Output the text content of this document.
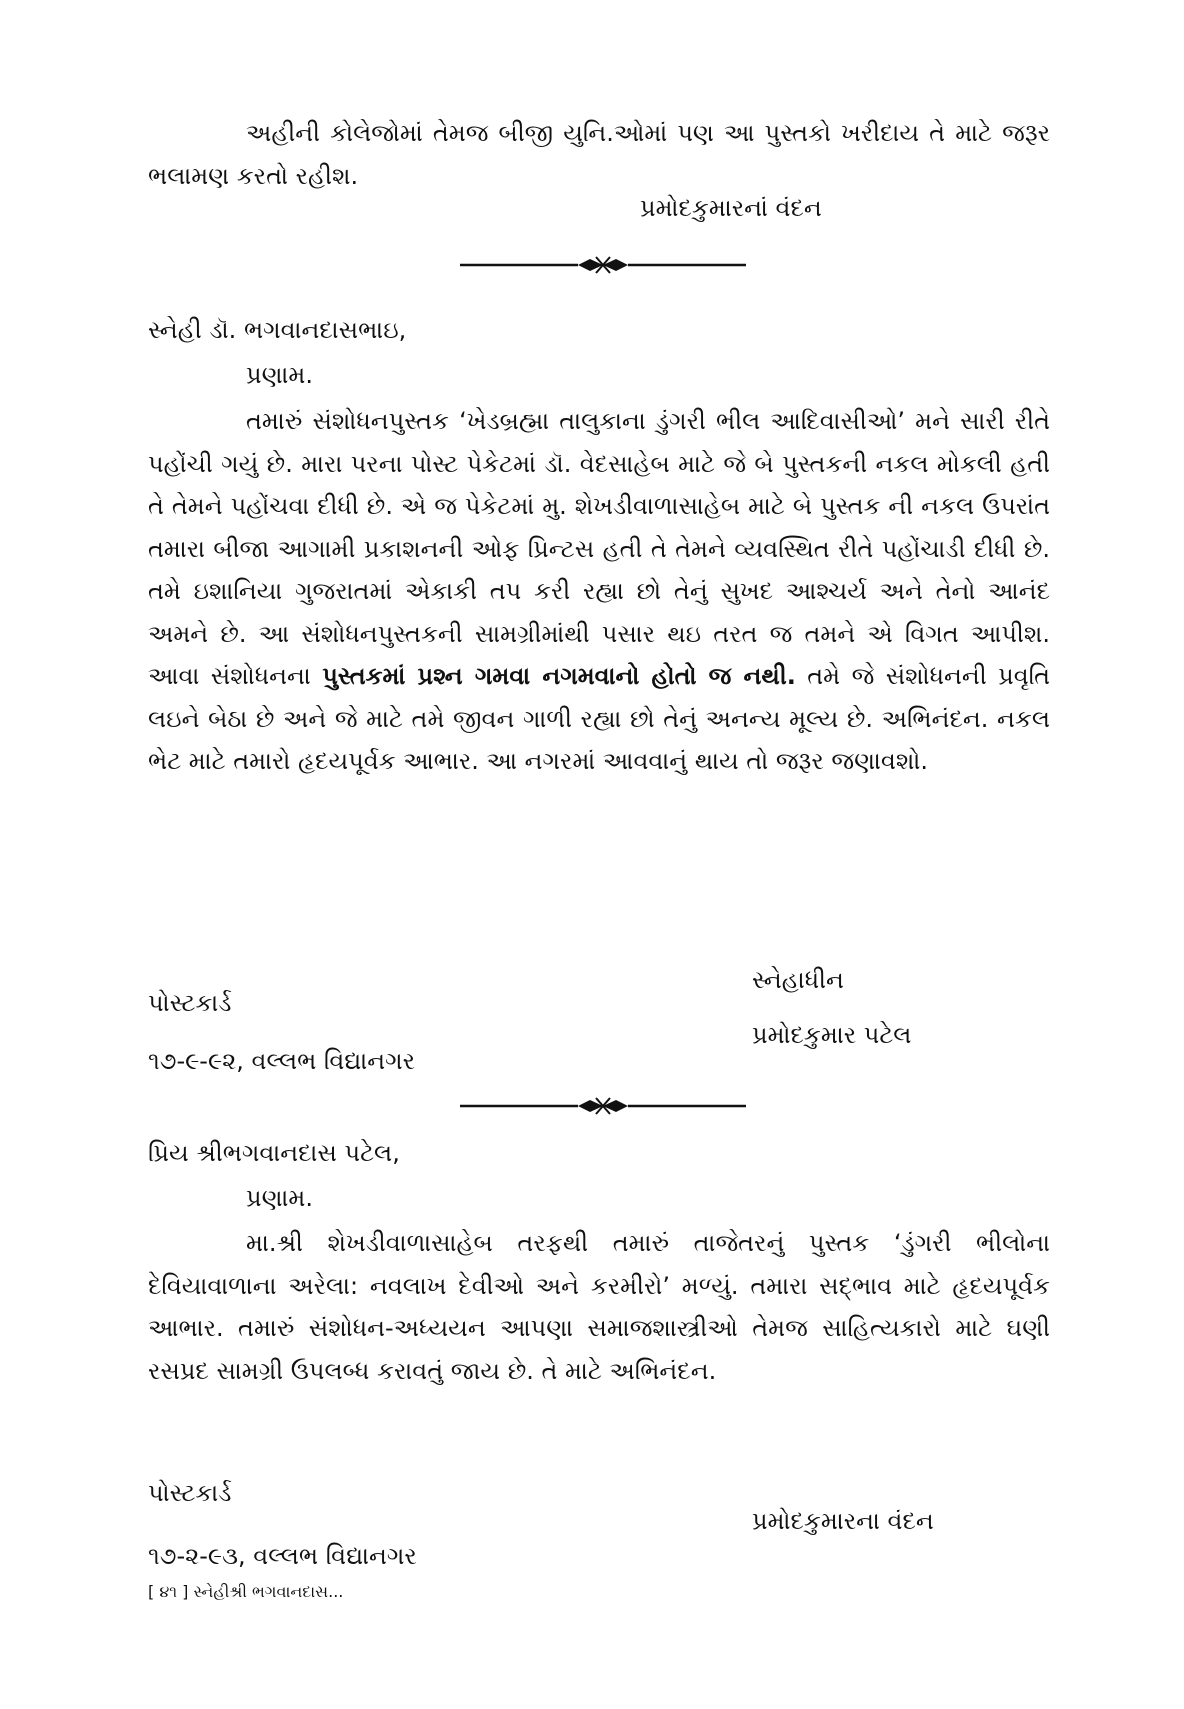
અહીની કોલેજોમાં તેમજ બીજી યુનિ.ઓમાં પણ આ પુસ્તકો ખરીદાય તે માટે જરૂર ભલામણ કરતો રહીશ.

પ્રમોદકુમારનાં વંદન
સ્નેહી ડૉ. ભગવાનદાસભાઇ,
પ્રણામ.

તમારું સંશોધનપુસ્તક ‘ખેડબ્રહ્મા તાલુકાના ડુંગરી ભીલ આદિવાસીઓ’ મને સારી રીતે પહોંચી ગયું છે. મારા પરના પોસ્ટ પેકેટમાં ડૉ. વેદસાહેબ માટે જે બે પુસ્તકની નકલ મોકલી હતી તે તેમને પહોંચવા દીધી છે. એ જ પેકેટમાં મુ. શેખડીવાળાસાહેબ માટે બે પુસ્તક ની નકલ ઉપરાંત તમારા બીજા આગામી પ્રકાશનની ઓફ પ્રિન્ટસ હતી તે તેમને વ્યવસ્થિત રીતે પહોંચાડી દીધી છે. તમે ઇશાનિયા ગુજરાતમાં એકાકી તપ કરી રહ્યા છો તેનું સુખદ આશ્ચર્ય અને તેનો આનંદ અમને છે. આ સંશોધનપુસ્તકની સામગ્રીમાંથી પસાર થઇ તરત જ તમને એ વિગત આપીશ. આવા સંશોધનના પુસ્તકમાં પ્રશ્ન ગમવા નગમવાનો હોતો જ નથી. તમે જે સંશોધનની પ્રવૃતિ લઇને બેઠા છે અને જે માટે તમે જીવન ગાળી રહ્યા છો તેનું અનન્ય મૂલ્ય છે. અભિનંદન. નકલ ભેટ માટે તમારો હૃદયપૂર્વક આભાર. આ નગરમાં આવવાનું થાય તો જરૂર જણાવશો.

સ્નેહાધીન
પોસ્ટકાર્ડ
પ્રમોદકુમાર પટેલ
૧૭-૯-૯૨, વલ્લભ વિદ્યાનગર
પ્રિય શ્રીભગવાનદાસ પટેલ,
પ્રણામ.

મા.શ્રી શેખડીવાળાસાહેબ તરફથી તમારું તાજેતરનું પુસ્તક ‘ડુંગરી ભીલોના દેવિયાવાળાના અરેલા: નવલાખ દેવીઓ અને કરમીરો’ મળ્યું. તમારા સદ્ભાવ માટે હૃદયપૂર્વક આભાર. તમારું સંશોધન-અધ્યયન આપણા સમાજશાસ્ત્રીઓ તેમજ સાહિત્યકારો માટે ઘણી રસપ્રદ સામગ્રી ઉપલબ્ધ કરાવતું જાય છે. તે માટે અભિનંદન.

પોસ્ટકાર્ડ
પ્રમોદકુમારના વંદન
૧૭-૨-૯૩, વલ્લભ વિદ્યાનગર
[ ૪૧ ] સ્નેહીશ્રી ભગવાનદાસ...
